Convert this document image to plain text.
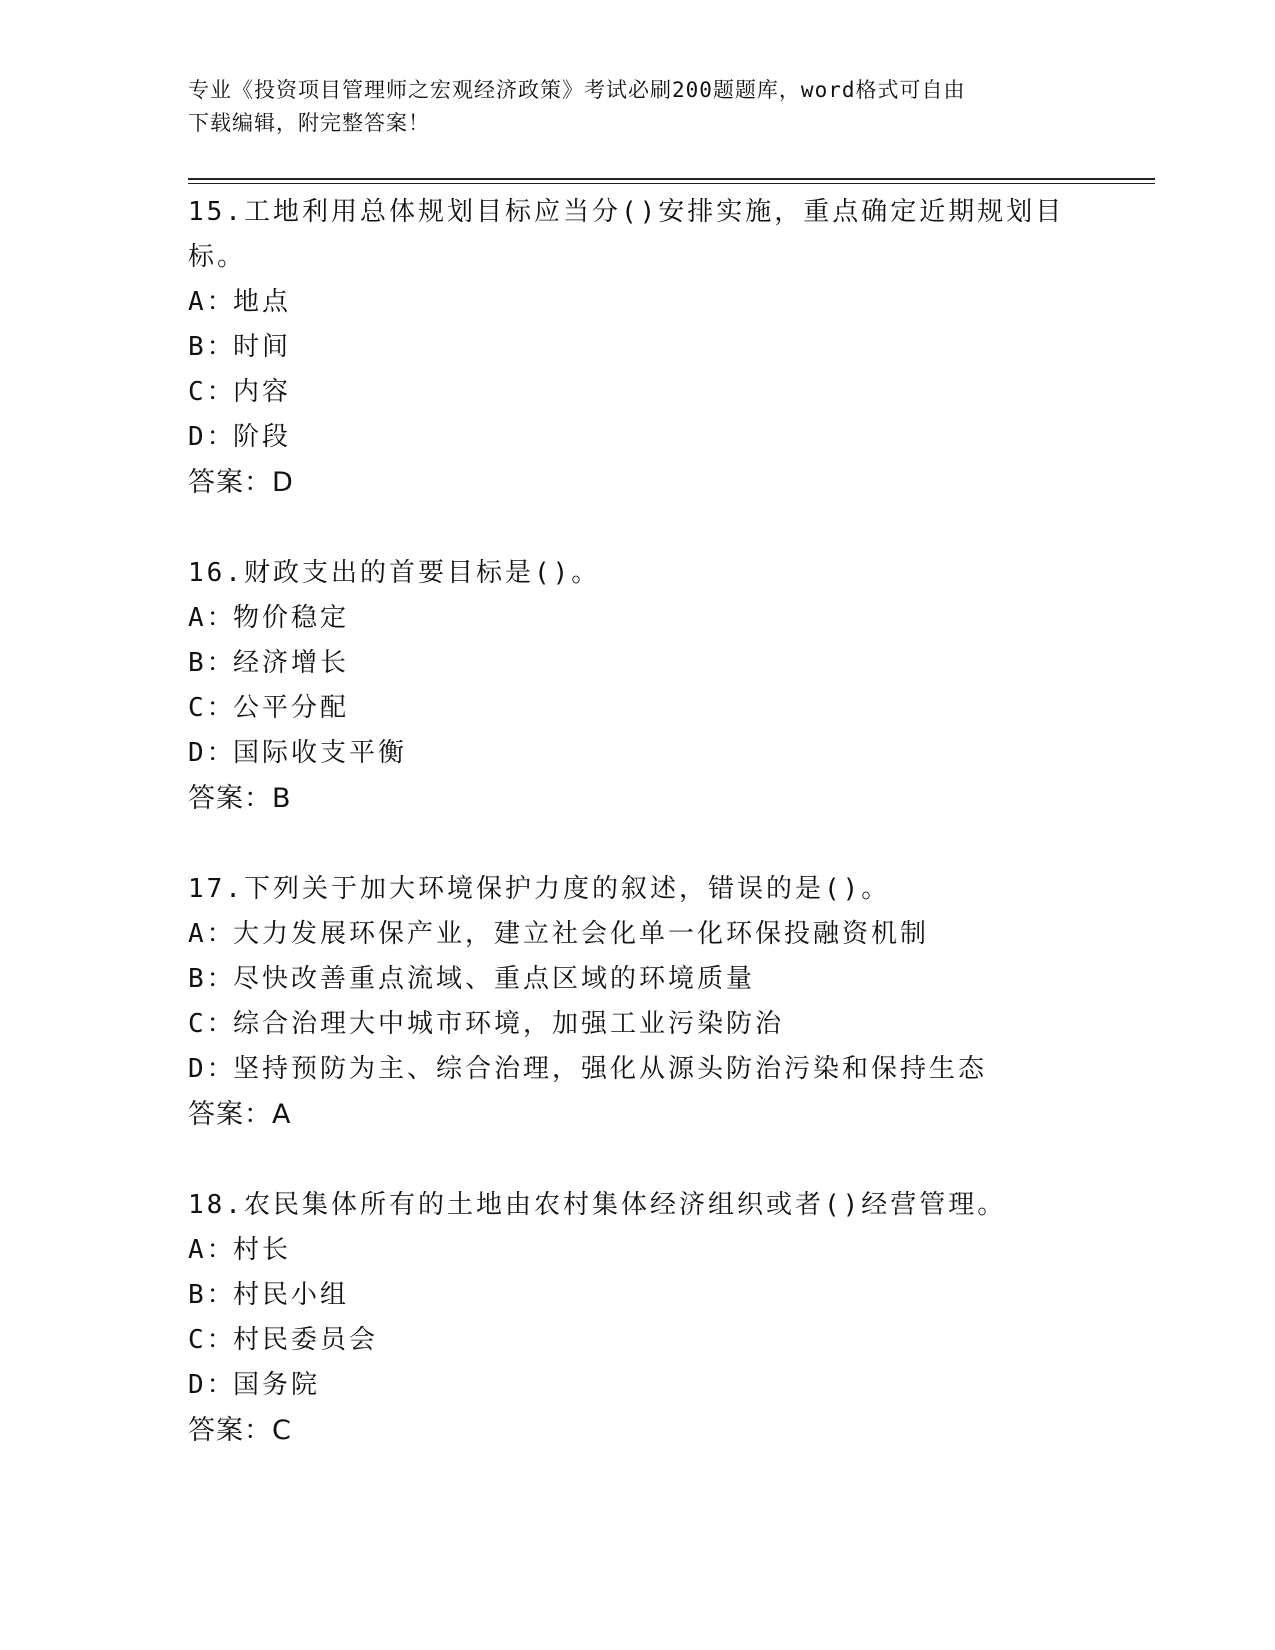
专业《投资项目管理师之宏观经济政策》考试必刷200题题库，word格式可自由
下载编辑，附完整答案！
15.工地利用总体规划目标应当分()安排实施，重点确定近期规划目标。
A：地点
B：时间
C：内容
D：阶段
答案：D
16.财政支出的首要目标是()。
A：物价稳定
B：经济增长
C：公平分配
D：国际收支平衡
答案：B
17.下列关于加大环境保护力度的叙述，错误的是()。
A：大力发展环保产业，建立社会化单一化环保投融资机制
B：尽快改善重点流域、重点区域的环境质量
C：综合治理大中城市环境，加强工业污染防治
D：坚持预防为主、综合治理，强化从源头防治污染和保持生态
答案：A
18.农民集体所有的土地由农村集体经济组织或者()经营管理。
A：村长
B：村民小组
C：村民委员会
D：国务院
答案：C
